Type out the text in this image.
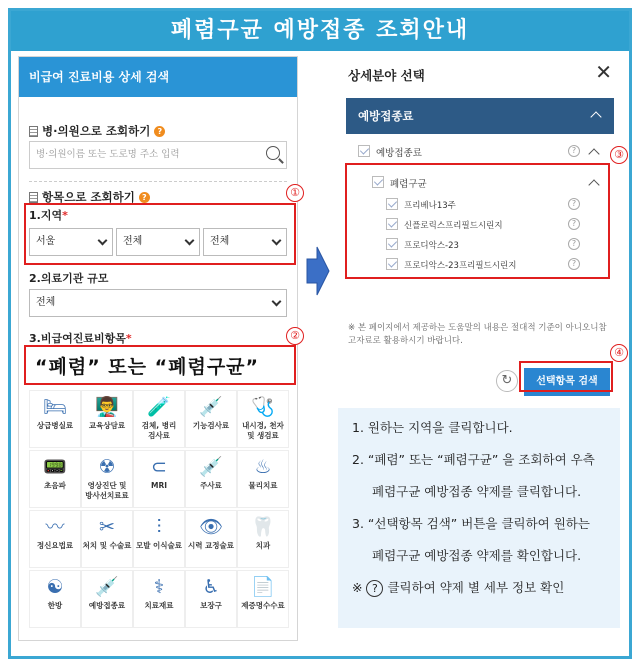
폐렴구균 예방접종 조회안내
비급여 진료비용 상세 검색
병·의원으로 조회하기 ?
병·의원이름 또는 도로명 주소 입력
항목으로 조회하기 ?
1.지역*
서울	전체	전체
2.의료기관 규모
전체
3.비급여진료비항목*
“폐렴” 또는 “폐렴구균”
🛏
상급병실료
👨‍🏫
교육상담료
🧪
검체, 병리
검사료
💉
기능검사료
🩺
내시경, 천자
및 생검료
📟
초음파
☢
영상진단 및
방사선치료료
⊂
MRI
💉
주사료
♨
물리치료
〰
정신요법료
✂
처치 및 수술료
⫶
모발 이식술료
👁
시력 교정술료
🦷
치과
☯
한방
💉
예방접종료
⚕
치료재료
♿
보장구
📄
제증명수수료
①
②
상세분야 선택	✕
예방접종료
예방접종료	?
폐렴구균
프리베나13주	?
신플로릭스프리필드시린지	?
프로디악스-23	?
프로디악스-23프리필드시린지	?
※ 본 페이지에서 제공하는 도움말의 내용은 절대적 기준이 아니오니참고자료로 활용하시기 바랍니다.
↻	선택항목 검색
③
④

1. 원하는 지역을 클릭합니다.

2. “폐렴” 또는 “폐렴구균” 을 조회하여 우측

폐렴구균 예방접종 약제를 클릭합니다.

3. “선택항목 검색” 버튼을 클릭하여 원하는

폐렴구균 예방접종 약제를 확인합니다.

※ ? 클릭하여 약제 별 세부 정보 확인
